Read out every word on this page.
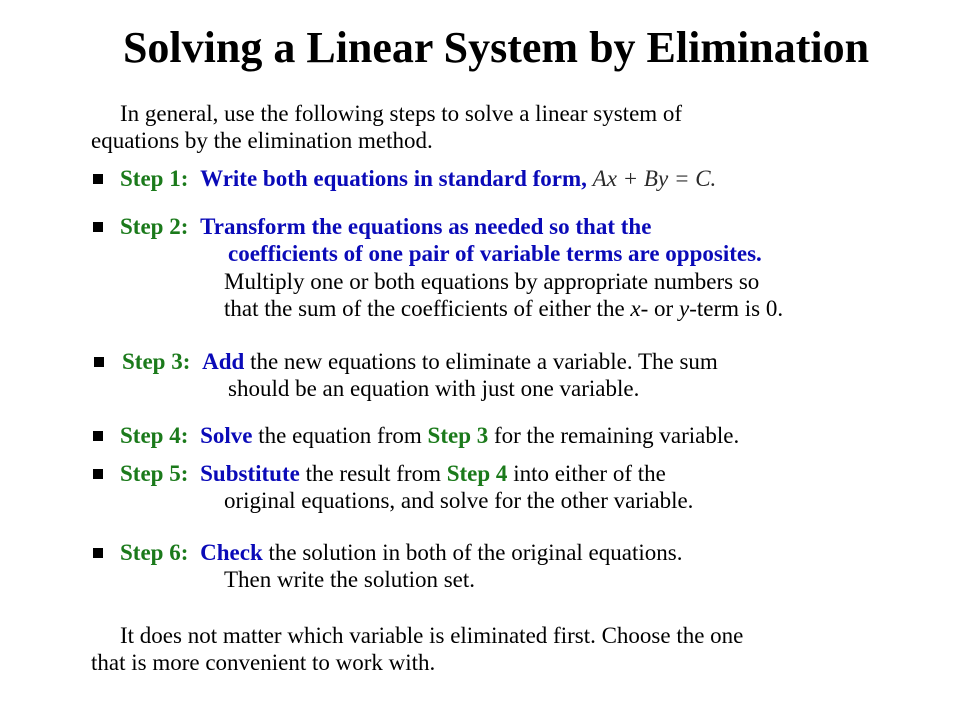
Solving a Linear System by Elimination
In general, use the following steps to solve a linear system of
equations by the elimination method.
Step 1: Write both equations in standard form, Ax + By = C.
Step 2: Transform the equations as needed so that the
coefficients of one pair of variable terms are opposites.
Multiply one or both equations by appropriate numbers so
that the sum of the coefficients of either the x- or y-term is 0.
Step 3: Add the new equations to eliminate a variable. The sum
should be an equation with just one variable.
Step 4: Solve the equation from Step 3 for the remaining variable.
Step 5: Substitute the result from Step 4 into either of the
original equations, and solve for the other variable.
Step 6: Check the solution in both of the original equations.
Then write the solution set.
It does not matter which variable is eliminated first. Choose the one
that is more convenient to work with.
